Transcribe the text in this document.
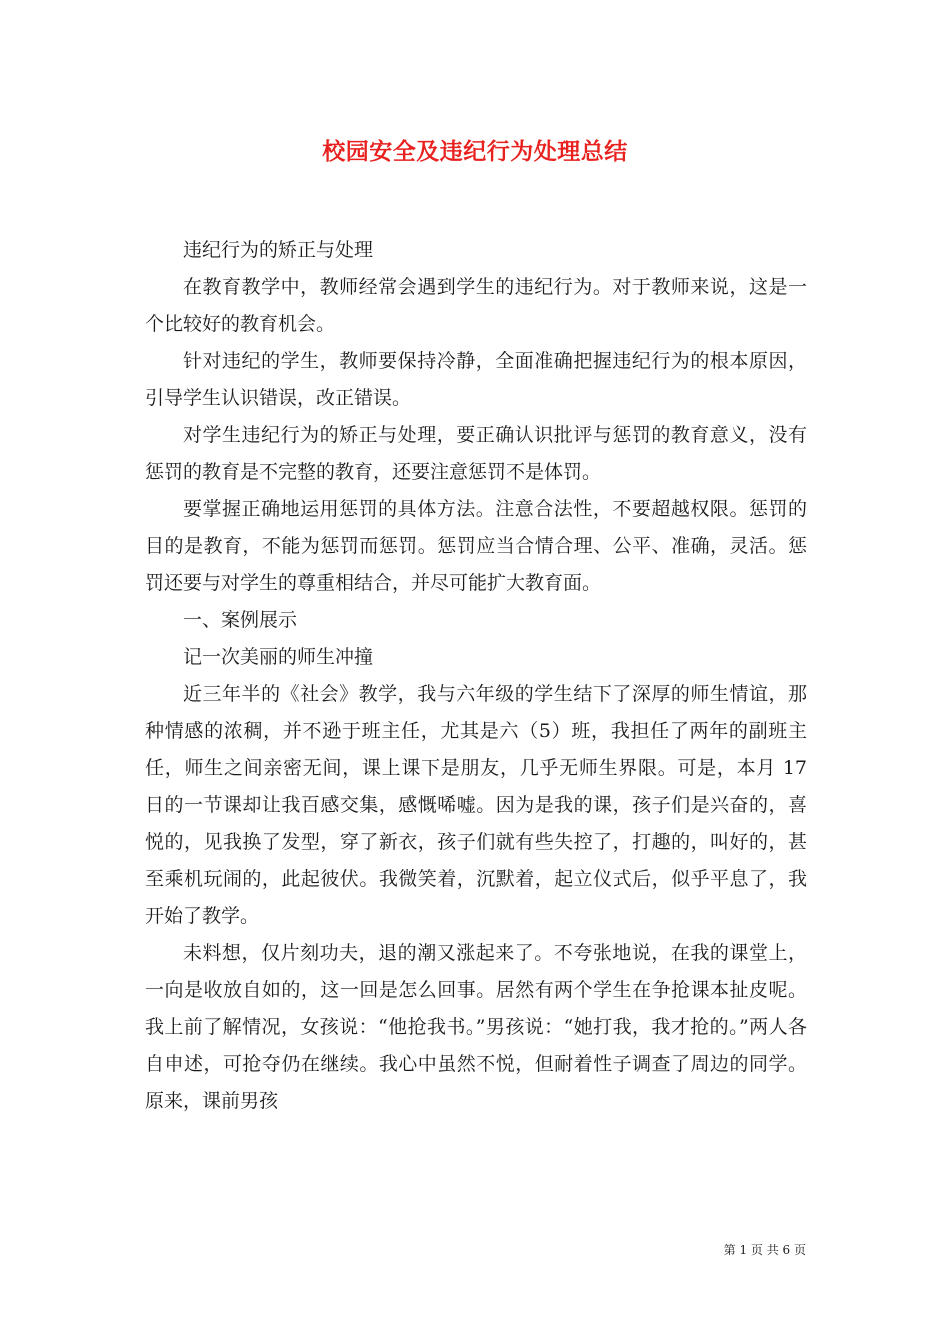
校园安全及违纪行为处理总结

违纪行为的矫正与处理

在教育教学中，教师经常会遇到学生的违纪行为。对于教师来说，这是一个比较好的教育机会。

针对违纪的学生，教师要保持冷静，全面准确把握违纪行为的根本原因，引导学生认识错误，改正错误。

对学生违纪行为的矫正与处理，要正确认识批评与惩罚的教育意义，没有惩罚的教育是不完整的教育，还要注意惩罚不是体罚。

要掌握正确地运用惩罚的具体方法。注意合法性，不要超越权限。惩罚的目的是教育，不能为惩罚而惩罚。惩罚应当合情合理、公平、准确，灵活。惩罚还要与对学生的尊重相结合，并尽可能扩大教育面。

一、案例展示

记一次美丽的师生冲撞

近三年半的《社会》教学，我与六年级的学生结下了深厚的师生情谊，那种情感的浓稠，并不逊于班主任，尤其是六（5）班，我担任了两年的副班主任，师生之间亲密无间，课上课下是朋友，几乎无师生界限。可是，本月 17 日的一节课却让我百感交集，感慨唏嘘。因为是我的课，孩子们是兴奋的，喜悦的，见我换了发型，穿了新衣，孩子们就有些失控了，打趣的，叫好的，甚至乘机玩闹的，此起彼伏。我微笑着，沉默着，起立仪式后，似乎平息了，我开始了教学。

未料想，仅片刻功夫，退的潮又涨起来了。不夸张地说，在我的课堂上，一向是收放自如的，这一回是怎么回事。居然有两个学生在争抢课本扯皮呢。我上前了解情况，女孩说：“他抢我书。”男孩说：“她打我，我才抢的。”两人各自申述，可抢夺仍在继续。我心中虽然不悦，但耐着性子调查了周边的同学。原来，课前男孩

第 1 页 共 6 页
